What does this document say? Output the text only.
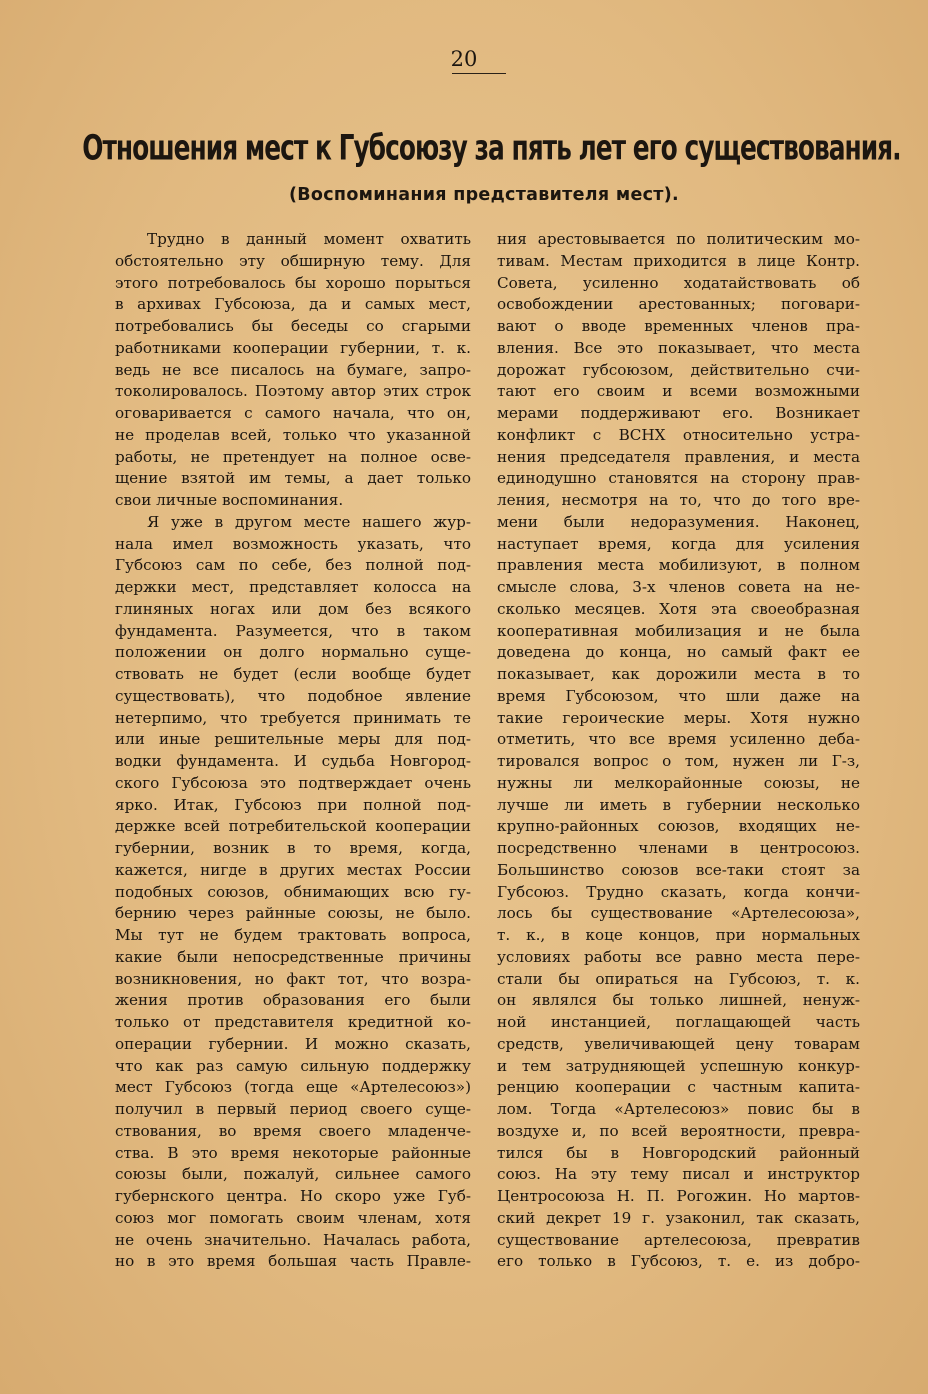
20
Отношения мест к Губсоюзу за пять лет его существования.
(Воспоминания представителя мест).
Трудно в данный момент охватить
обстоятельно эту обширную тему. Для
этого потребовалось бы хорошо порыться
в архивах Губсоюза, да и самых мест,
потребовались бы беседы со сгарыми
работниками кооперации губернии, т. к.
ведь не все писалось на бумаге, запро-
токолировалось. Поэтому автор этих строк
оговаривается с самого начала, что он,
не проделав всей, только что указанной
работы, не претендует на полное осве-
щение взятой им темы, а дает только
свои личные воспоминания.
Я уже в другом месте нашего жур-
нала имел возможность указать, что
Губсоюз сам по себе, без полной под-
держки мест, представляет колосса на
глиняных ногах или дом без всякого
фундамента. Разумеется, что в таком
положении он долго нормально суще-
ствовать не будет (если вообще будет
существовать), что подобное явление
нетерпимо, что требуется принимать те
или иные решительные меры для под-
водки фундамента. И судьба Новгород-
ского Губсоюза это подтверждает очень
ярко. Итак, Губсоюз при полной под-
держке всей потребительской кооперации
губернии, возник в то время, когда,
кажется, нигде в других местах России
подобных союзов, обнимающих всю гу-
бернию через райнные союзы, не было.
Мы тут не будем трактовать вопроса,
какие были непосредственные причины
возникновения, но факт тот, что возра-
жения против образования его были
только от представителя кредитной ко-
операции губернии. И можно сказать,
что как раз самую сильную поддержку
мест Губсоюз (тогда еще «Артелесоюз»)
получил в первый период своего суще-
ствования, во время своего младенче-
ства. В это время некоторые районные
союзы были, пожалуй, сильнее самого
губернского центра. Но скоро уже Губ-
союз мог помогать своим членам, хотя
не очень значительно. Началась работа,
но в это время большая часть Правле-
ния арестовывается по политическим мо-
тивам. Местам приходится в лице Контр.
Совета, усиленно ходатайствовать об
освобождении арестованных; поговари-
вают о вводе временных членов пра-
вления. Все это показывает, что места
дорожат губсоюзом, действительно счи-
тают его своим и всеми возможными
мерами поддерживают его. Возникает
конфликт с ВСНХ относительно устра-
нения председателя правления, и места
единодушно становятся на сторону прав-
ления, несмотря на то, что до того вре-
мени были недоразумения. Наконец,
наступает время, когда для усиления
правления места мобилизуют, в полном
смысле слова, 3-х членов совета на не-
сколько месяцев. Хотя эта своеобразная
кооперативная мобилизация и не была
доведена до конца, но самый факт ее
показывает, как дорожили места в то
время Губсоюзом, что шли даже на
такие героические меры. Хотя нужно
отметить, что все время усиленно деба-
тировался вопрос о том, нужен ли Г-з,
нужны ли мелкорайонные союзы, не
лучше ли иметь в губернии несколько
крупно-районных союзов, входящих не-
посредственно членами в центросоюз.
Большинство союзов все-таки стоят за
Губсоюз. Трудно сказать, когда кончи-
лось бы существование «Артелесоюза»,
т. к., в коце концов, при нормальных
условиях работы все равно места пере-
стали бы опираться на Губсоюз, т. к.
он являлся бы только лишней, ненуж-
ной инстанцией, поглащающей часть
средств, увеличивающей цену товарам
и тем затрудняющей успешную конкур-
ренцию кооперации с частным капита-
лом. Тогда «Артелесоюз» повис бы в
воздухе и, по всей вероятности, превра-
тился бы в Новгородский районный
союз. На эту тему писал и инструктор
Центросоюза Н. П. Рогожин. Но мартов-
ский декрет 19 г. узаконил, так сказать,
существование артелесоюза, превратив
его только в Губсоюз, т. е. из добро-
